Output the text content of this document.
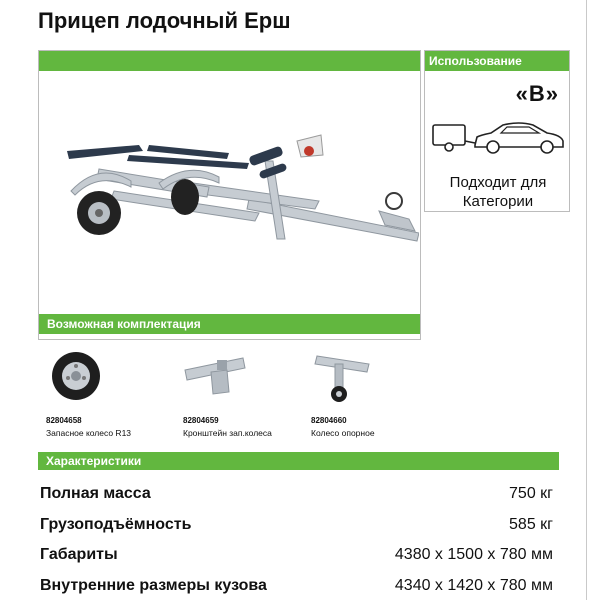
Прицеп лодочный Ерш
Возможная комплектация
82804658
Запасное колесо R13
82804659
Кронштейн зап.колеса
82804660
Колесо опорное
Использование
«B»
Подходит для
Категории
Характеристики
Полная масса	750 кг
Грузоподъёмность	585 кг
Габариты	4380 x 1500 x 780 мм
Внутренние размеры кузова	4340 x 1420 x 780 мм
